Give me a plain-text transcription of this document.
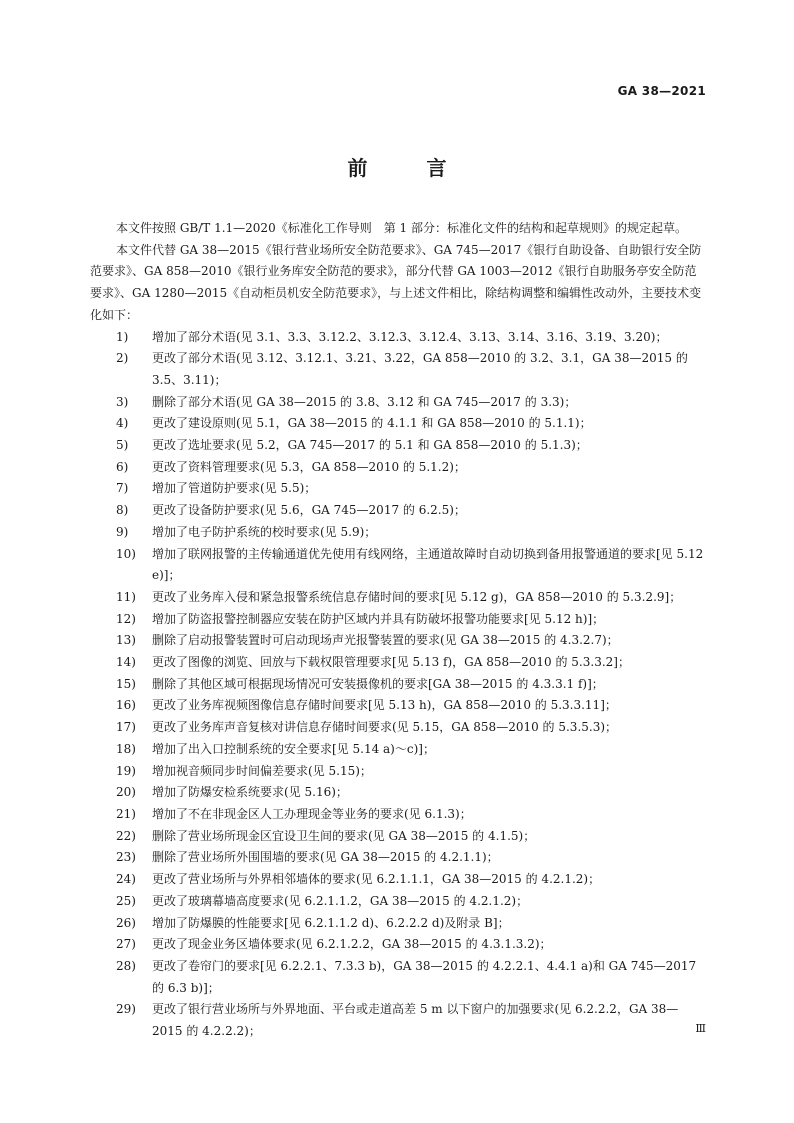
GA 38—2021
前 言

本文件按照 GB/T 1.1—2020《标准化工作导则　第 1 部分：标准化文件的结构和起草规则》的规定起草。

本文件代替 GA 38—2015《银行营业场所安全防范要求》、GA 745—2017《银行自助设备、自助银行安全防范要求》、GA 858—2010《银行业务库安全防范的要求》，部分代替 GA 1003—2012《银行自助服务亭安全防范要求》、GA 1280—2015《自动柜员机安全防范要求》，与上述文件相比，除结构调整和编辑性改动外，主要技术变化如下：

1)	增加了部分术语(见 3.1、3.3、3.12.2、3.12.3、3.12.4、3.13、3.14、3.16、3.19、3.20)；
2)	更改了部分术语(见 3.12、3.12.1、3.21、3.22，GA 858—2010 的 3.2、3.1，GA 38—2015 的 3.5、3.11)；
3)	删除了部分术语(见 GA 38—2015 的 3.8、3.12 和 GA 745—2017 的 3.3)；
4)	更改了建设原则(见 5.1，GA 38—2015 的 4.1.1 和 GA 858—2010 的 5.1.1)；
5)	更改了选址要求(见 5.2，GA 745—2017 的 5.1 和 GA 858—2010 的 5.1.3)；
6)	更改了资料管理要求(见 5.3，GA 858—2010 的 5.1.2)；
7)	增加了管道防护要求(见 5.5)；
8)	更改了设备防护要求(见 5.6，GA 745—2017 的 6.2.5)；
9)	增加了电子防护系统的校时要求(见 5.9)；
10) 增加了联网报警的主传输通道优先使用有线网络，主通道故障时自动切换到备用报警通道的要求[见 5.12 e)]；
11) 更改了业务库入侵和紧急报警系统信息存储时间的要求[见 5.12 g)，GA 858—2010 的 5.3.2.9]；
12) 增加了防盗报警控制器应安装在防护区域内并具有防破坏报警功能要求[见 5.12 h)]；
13) 删除了启动报警装置时可启动现场声光报警装置的要求(见 GA 38—2015 的 4.3.2.7)；
14) 更改了图像的浏览、回放与下载权限管理要求[见 5.13 f)，GA 858—2010 的 5.3.3.2]；
15) 删除了其他区域可根据现场情况可安装摄像机的要求[GA 38—2015 的 4.3.3.1 f)]；
16) 更改了业务库视频图像信息存储时间要求[见 5.13 h)，GA 858—2010 的 5.3.3.11]；
17) 更改了业务库声音复核对讲信息存储时间要求(见 5.15，GA 858—2010 的 5.3.5.3)；
18) 增加了出入口控制系统的安全要求[见 5.14 a)～c)]；
19) 增加视音频同步时间偏差要求(见 5.15)；
20) 增加了防爆安检系统要求(见 5.16)；
21) 增加了不在非现金区人工办理现金等业务的要求(见 6.1.3)；
22) 删除了营业场所现金区宜设卫生间的要求(见 GA 38—2015 的 4.1.5)；
23) 删除了营业场所外围围墙的要求(见 GA 38—2015 的 4.2.1.1)；
24) 更改了营业场所与外界相邻墙体的要求(见 6.2.1.1.1，GA 38—2015 的 4.2.1.2)；
25) 更改了玻璃幕墙高度要求(见 6.2.1.1.2，GA 38—2015 的 4.2.1.2)；
26) 增加了防爆膜的性能要求[见 6.2.1.1.2 d)、6.2.2.2 d)及附录 B]；
27) 更改了现金业务区墙体要求(见 6.2.1.2.2，GA 38—2015 的 4.3.1.3.2)；
28) 更改了卷帘门的要求[见 6.2.2.1、7.3.3 b)，GA 38—2015 的 4.2.2.1、4.4.1 a)和 GA 745—2017 的 6.3 b)]；
29) 更改了银行营业场所与外界地面、平台或走道高差 5 m 以下窗户的加强要求(见 6.2.2.2，GA 38—2015 的 4.2.2.2)；	Ⅲ
